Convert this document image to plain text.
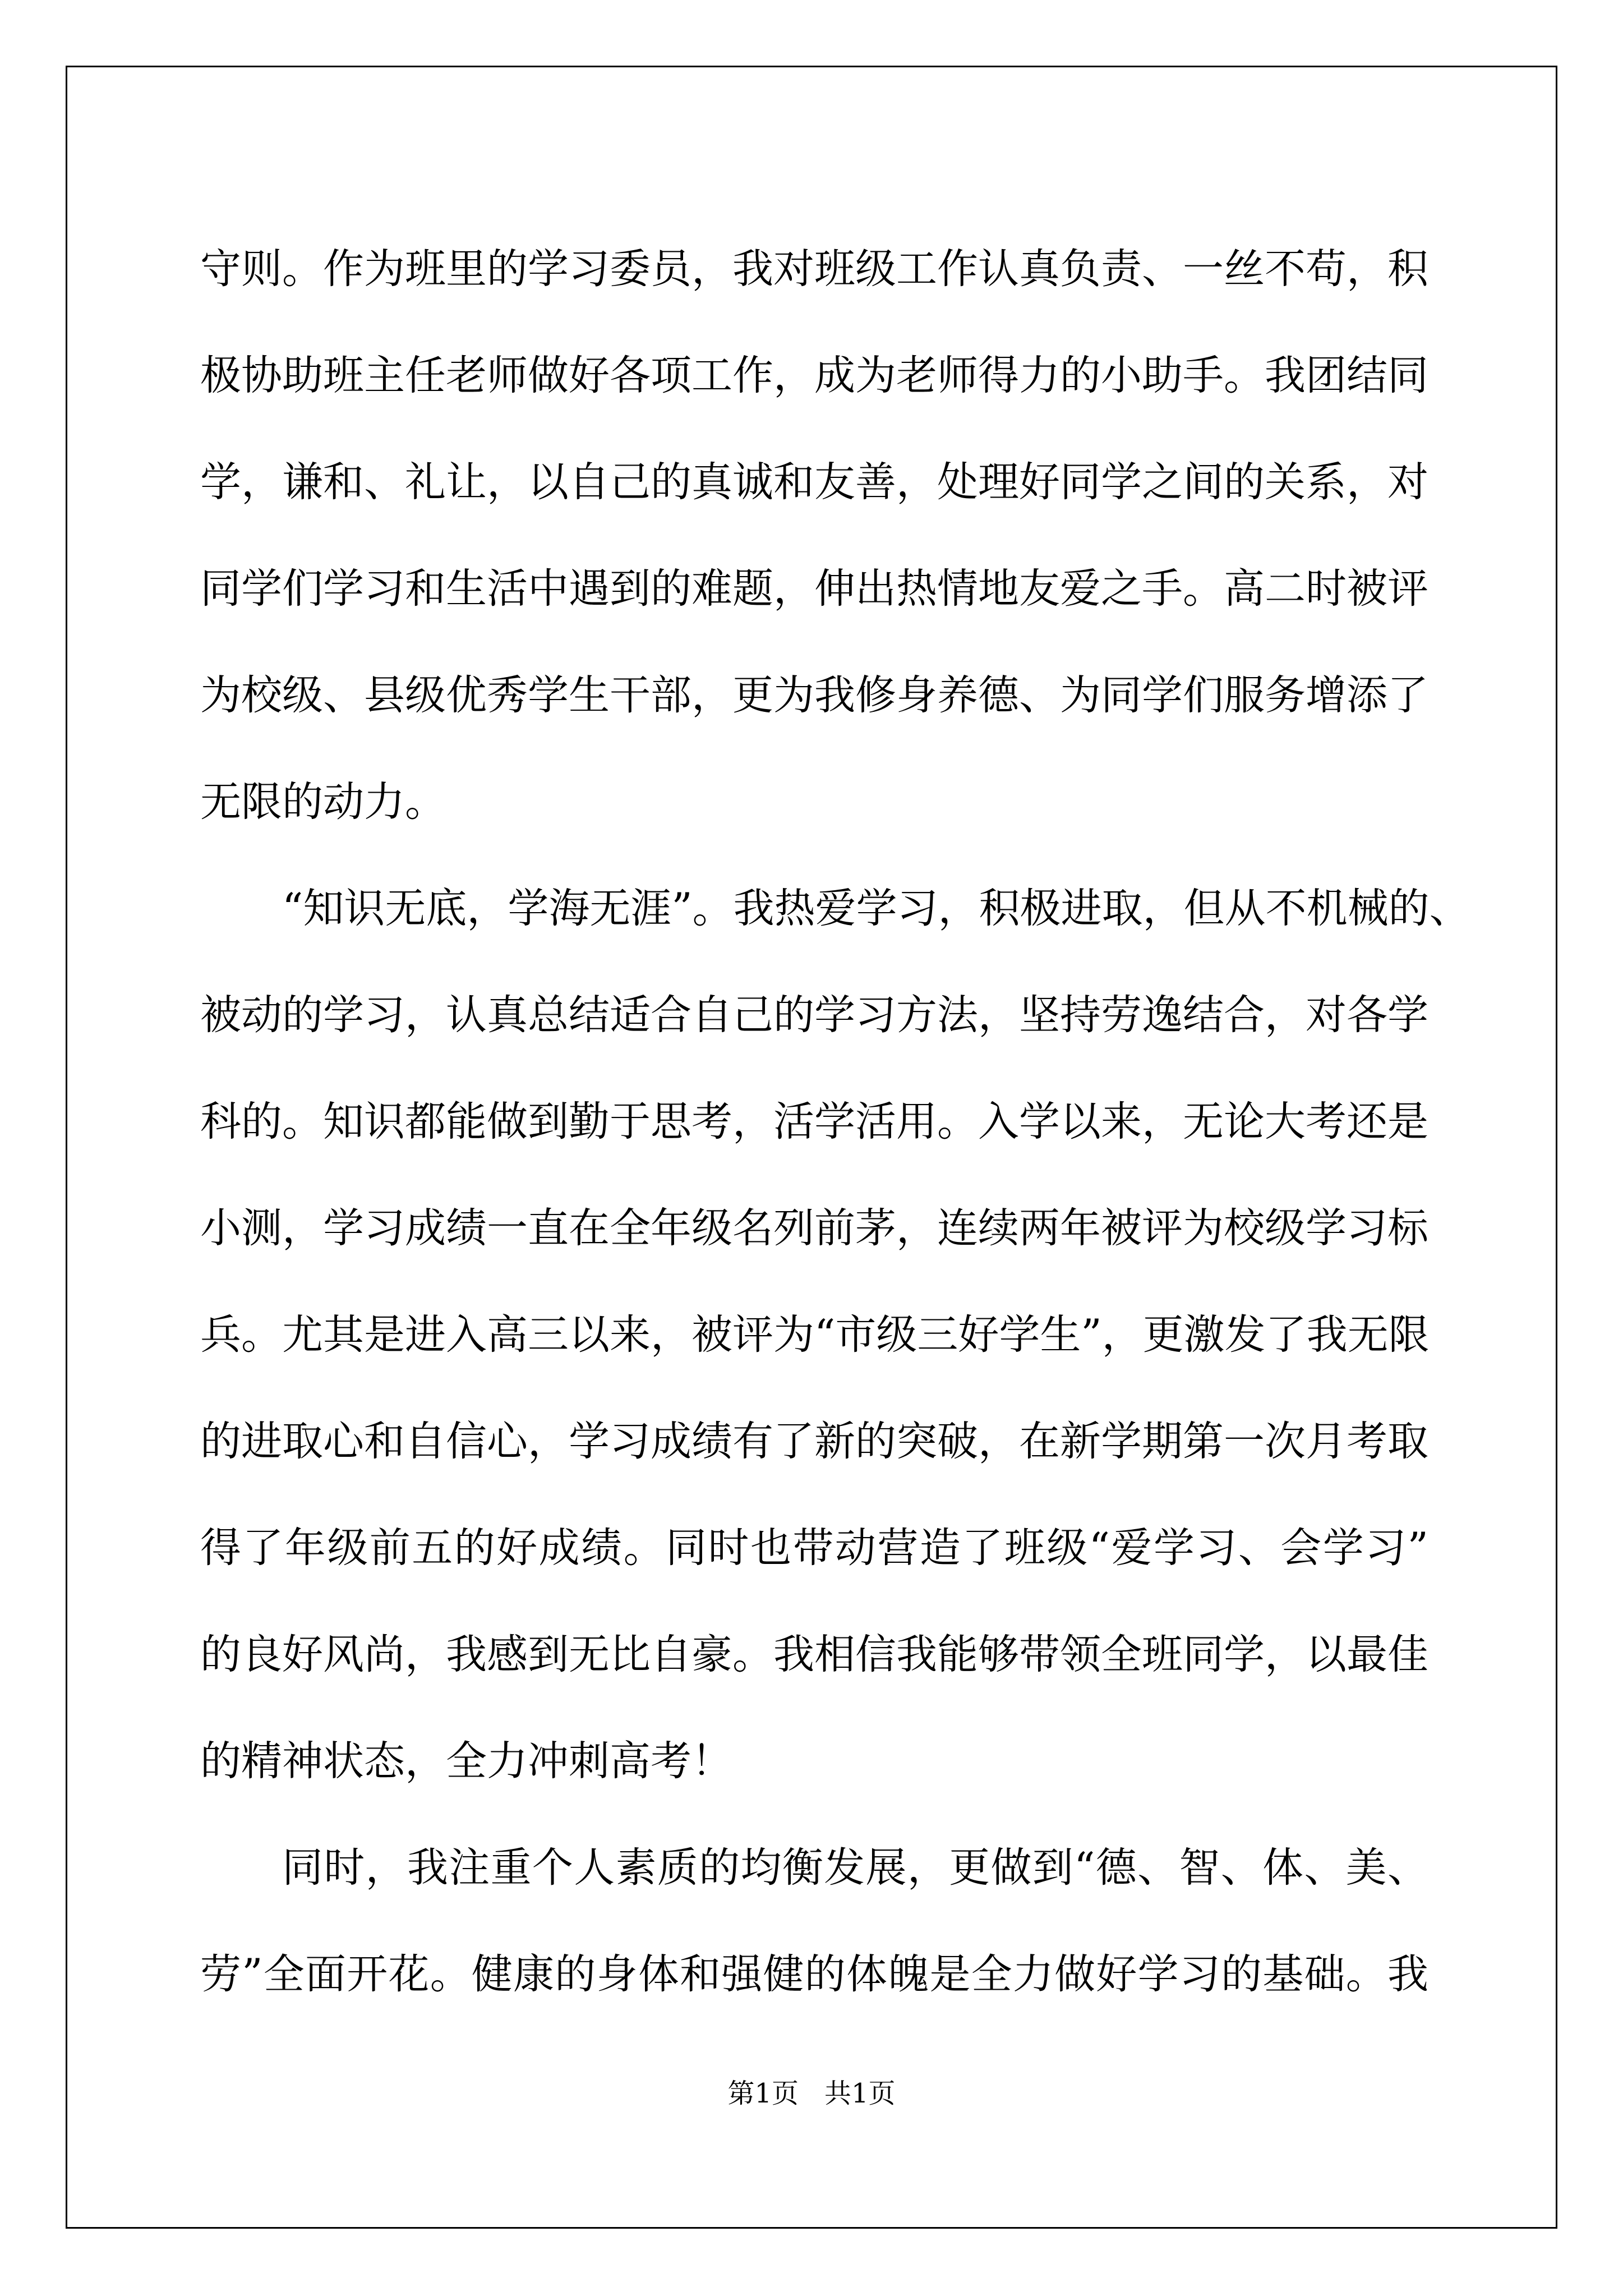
守则。作为班里的学习委员，我对班级工作认真负责、一丝不苟，积
极协助班主任老师做好各项工作，成为老师得力的小助手。我团结同
学，谦和、礼让，以自己的真诚和友善，处理好同学之间的关系，对
同学们学习和生活中遇到的难题，伸出热情地友爱之手。高二时被评
为校级、县级优秀学生干部，更为我修身养德、为同学们服务增添了
无限的动力。
“知识无底，学海无涯”。我热爱学习，积极进取，但从不机械的、
被动的学习，认真总结适合自己的学习方法，坚持劳逸结合，对各学
科的。知识都能做到勤于思考，活学活用。入学以来，无论大考还是
小测，学习成绩一直在全年级名列前茅，连续两年被评为校级学习标
兵。尤其是进入高三以来，被评为“市级三好学生”，更激发了我无限
的进取心和自信心，学习成绩有了新的突破，在新学期第一次月考取
得了年级前五的好成绩。同时也带动营造了班级“爱学习、会学习”
的良好风尚，我感到无比自豪。我相信我能够带领全班同学，以最佳
的精神状态，全力冲刺高考！
同时，我注重个人素质的均衡发展，更做到“德、智、体、美、
劳”全面开花。健康的身体和强健的体魄是全力做好学习的基础。我
第1页 共1页
